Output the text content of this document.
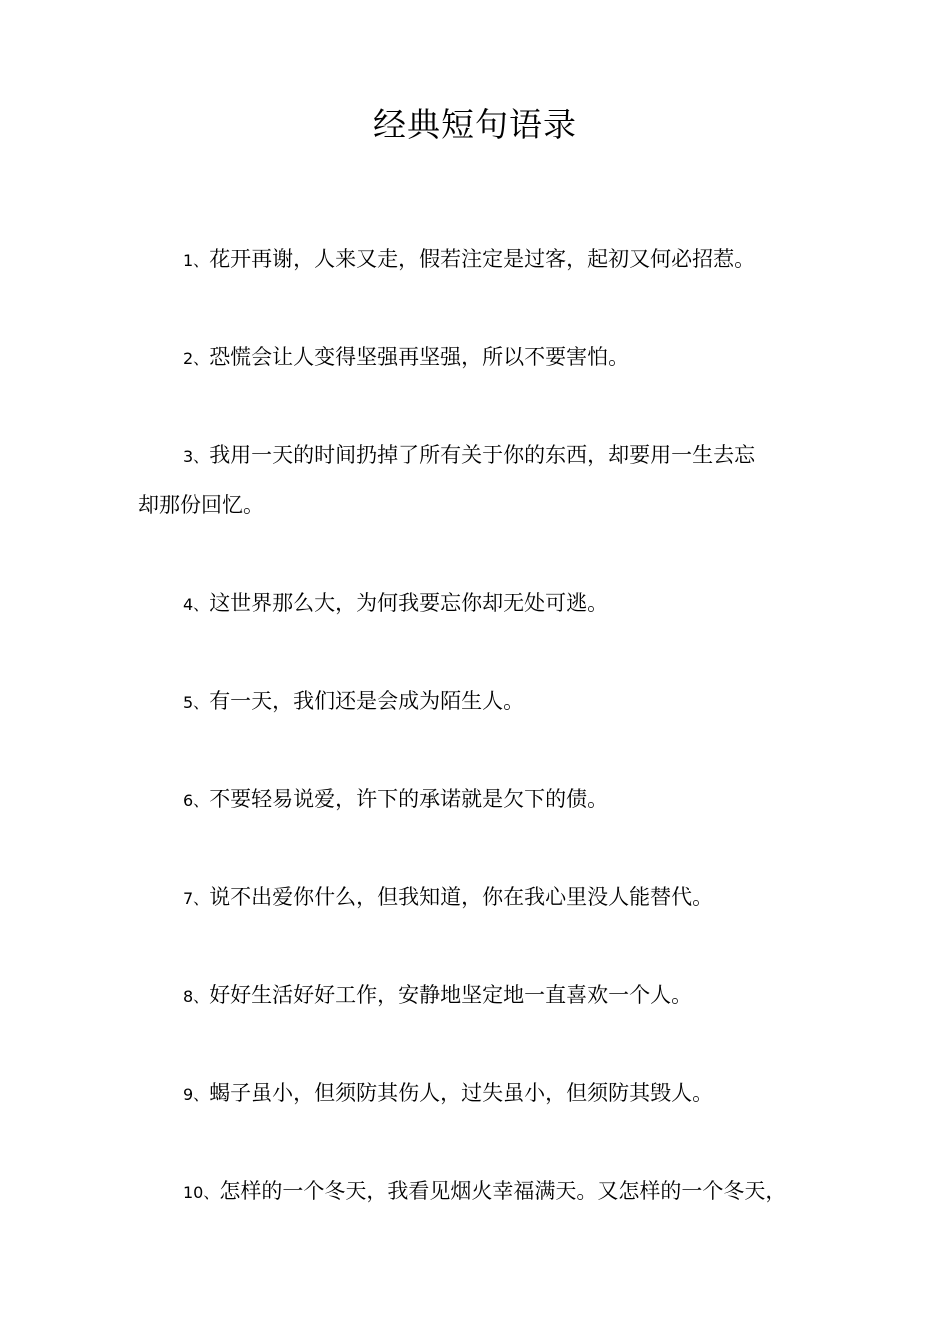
经典短句语录
1、花开再谢，人来又走，假若注定是过客，起初又何必招惹。
2、恐慌会让人变得坚强再坚强，所以不要害怕。
3、我用一天的时间扔掉了所有关于你的东西，却要用一生去忘
却那份回忆。
4、这世界那么大，为何我要忘你却无处可逃。
5、有一天，我们还是会成为陌生人。
6、不要轻易说爱，许下的承诺就是欠下的债。
7、说不出爱你什么，但我知道，你在我心里没人能替代。
8、好好生活好好工作，安静地坚定地一直喜欢一个人。
9、蝎子虽小，但须防其伤人，过失虽小，但须防其毁人。
10、怎样的一个冬天，我看见烟火幸福满天。又怎样的一个冬天，
